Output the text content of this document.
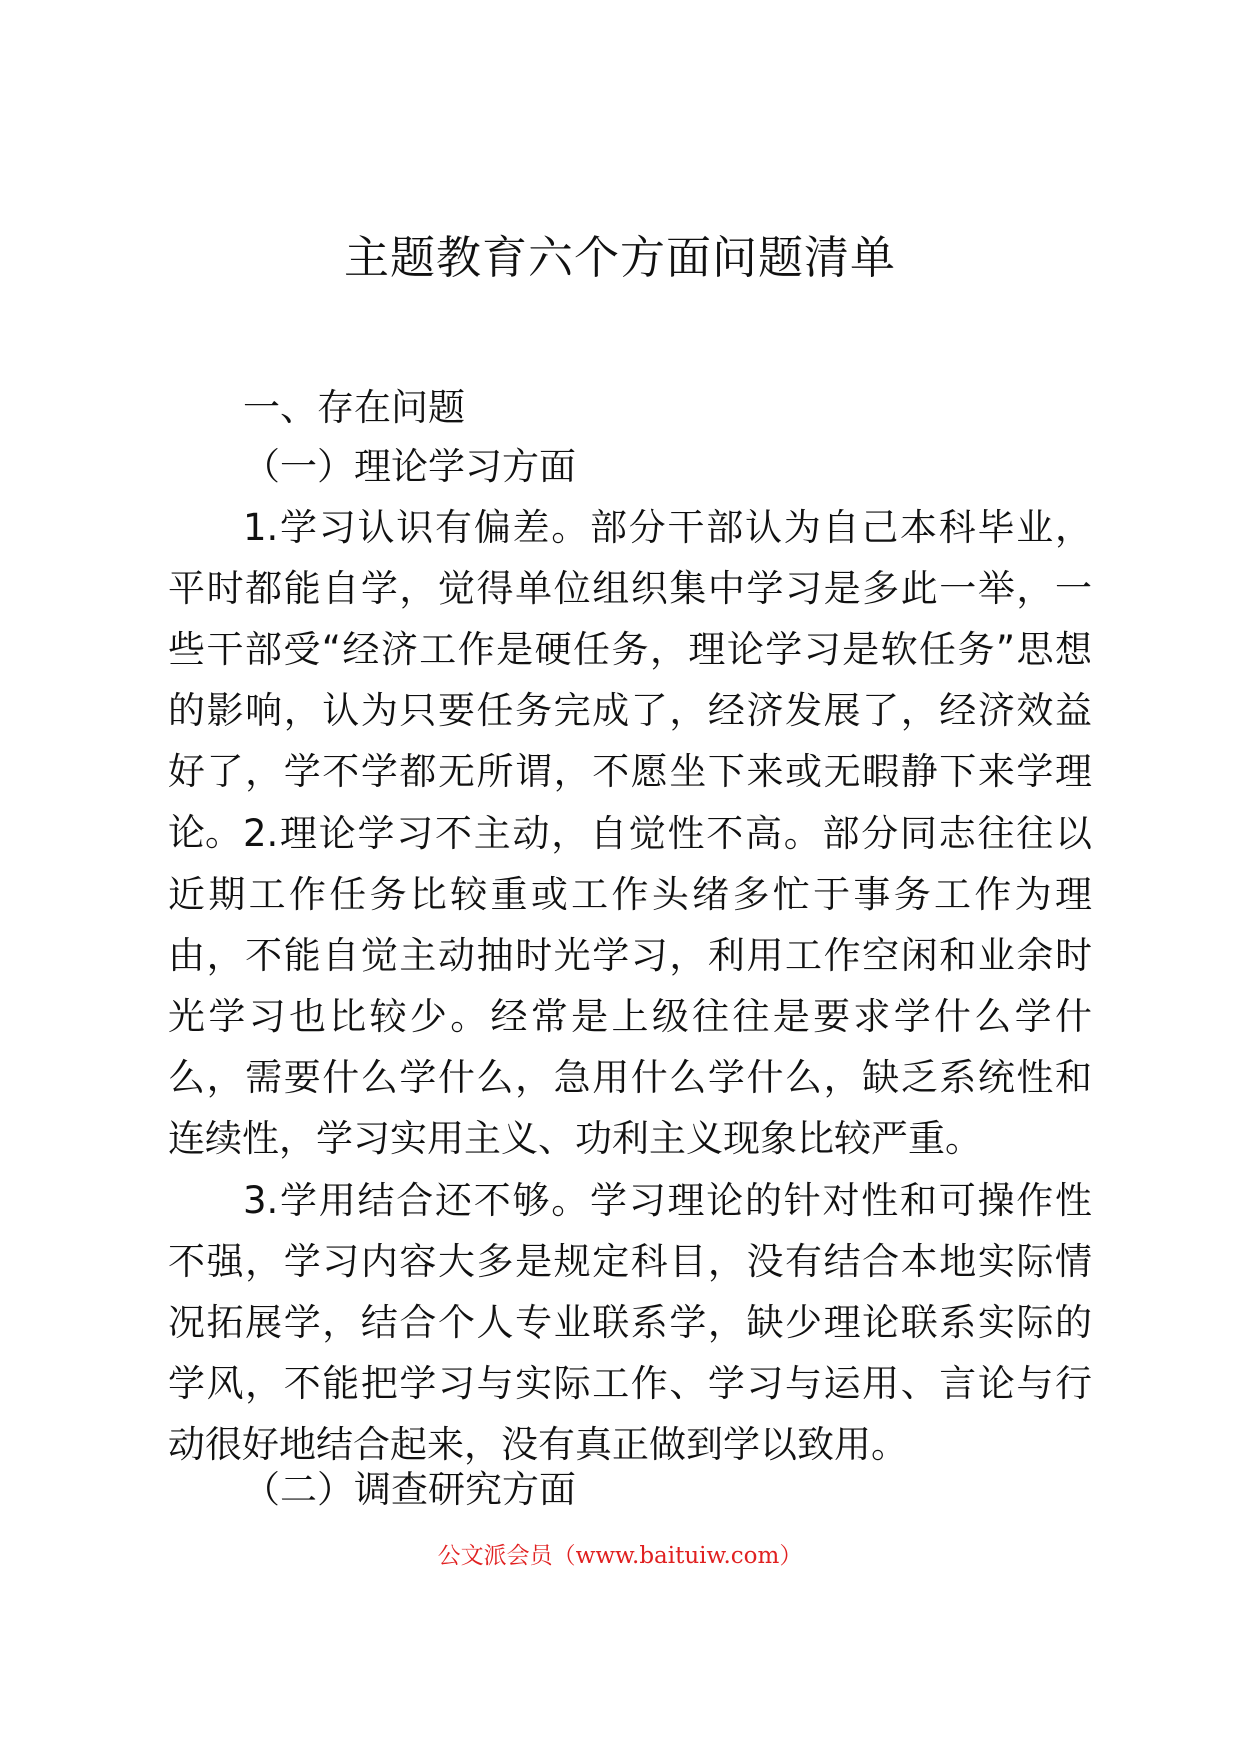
主题教育六个方面问题清单

一、存在问题

（一）理论学习方面

1.学习认识有偏差。部分干部认为自己本科毕业，平时都能自学，觉得单位组织集中学习是多此一举，一些干部受“经济工作是硬任务，理论学习是软任务”思想的影响，认为只要任务完成了，经济发展了，经济效益好了，学不学都无所谓，不愿坐下来或无暇静下来学理论。 2.理论学习不主动，自觉性不高。部分同志往往以近期工作任务比较重或工作头绪多忙于事务工作为理由，不能自觉主动抽时光学习，利用工作空闲和业余时光学习也比较少。经常是上级往往是要求学什么学什么，需要什么学什么，急用什么学什么，缺乏系统性和连续性，学习实用主义、功利主义现象比较严重。

3.学用结合还不够。学习理论的针对性和可操作性不强，学习内容大多是规定科目，没有结合本地实际情况拓展学，结合个人专业联系学，缺少理论联系实际的学风，不能把学习与实际工作、学习与运用、言论与行动很好地结合起来，没有真正做到学以致用。

（二）调查研究方面

公文派会员（www.baituiw.com）
